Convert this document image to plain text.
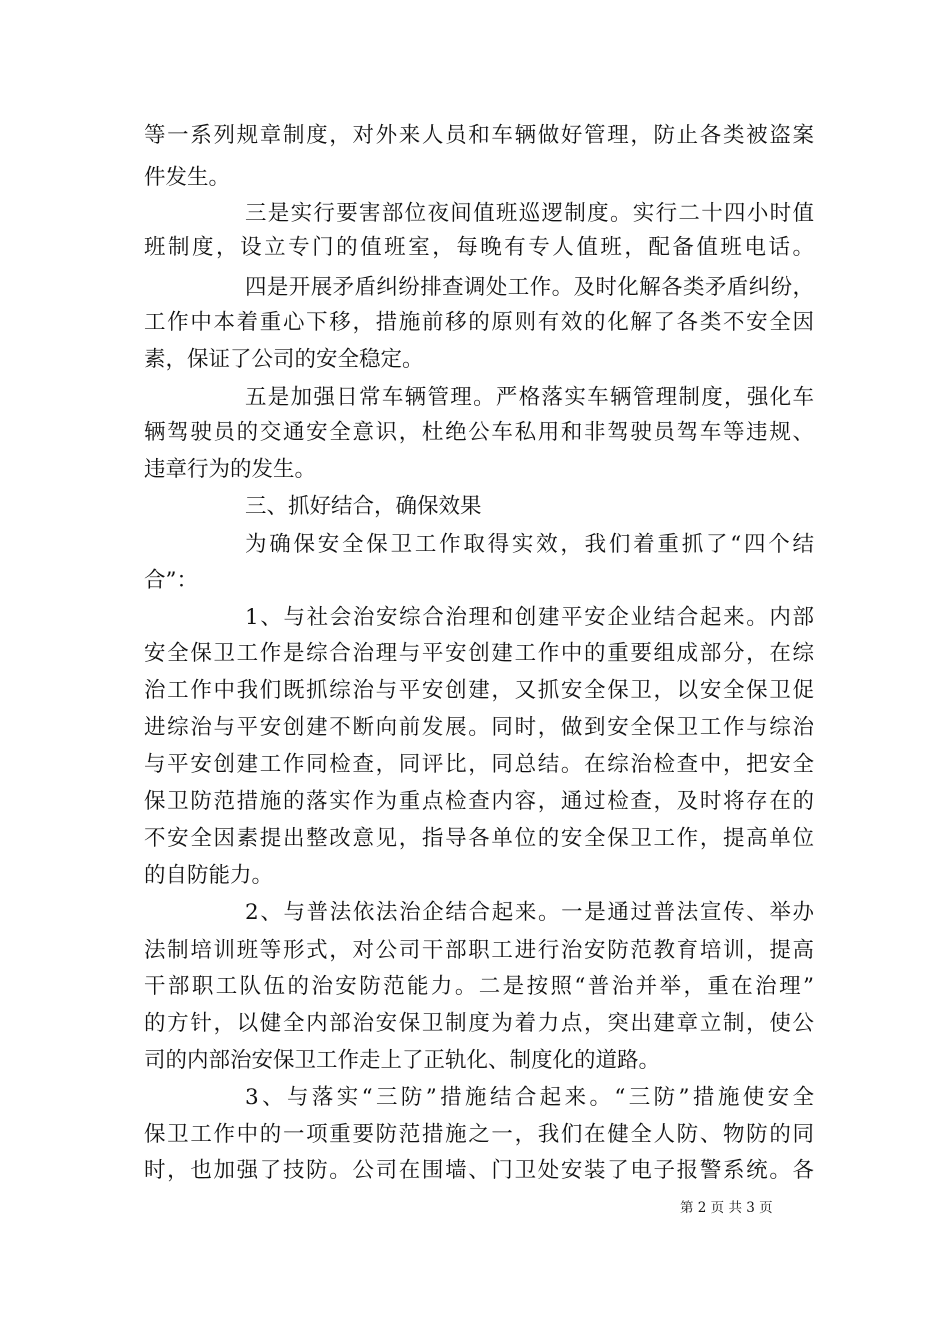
等一系列规章制度，对外来人员和车辆做好管理，防止各类被盗案
件发生。
三是实行要害部位夜间值班巡逻制度。实行二十四小时值
班制度，设立专门的值班室，每晚有专人值班，配备值班电话。
四是开展矛盾纠纷排查调处工作。及时化解各类矛盾纠纷，
工作中本着重心下移，措施前移的原则有效的化解了各类不安全因
素，保证了公司的安全稳定。
五是加强日常车辆管理。严格落实车辆管理制度，强化车
辆驾驶员的交通安全意识，杜绝公车私用和非驾驶员驾车等违规、
违章行为的发生。
三、抓好结合，确保效果
为确保安全保卫工作取得实效，我们着重抓了“四个结
合”：
1、与社会治安综合治理和创建平安企业结合起来。内部
安全保卫工作是综合治理与平安创建工作中的重要组成部分，在综
治工作中我们既抓综治与平安创建，又抓安全保卫，以安全保卫促
进综治与平安创建不断向前发展。同时，做到安全保卫工作与综治
与平安创建工作同检查，同评比，同总结。在综治检查中，把安全
保卫防范措施的落实作为重点检查内容，通过检查，及时将存在的
不安全因素提出整改意见，指导各单位的安全保卫工作，提高单位
的自防能力。
2、与普法依法治企结合起来。一是通过普法宣传、举办
法制培训班等形式，对公司干部职工进行治安防范教育培训，提高
干部职工队伍的治安防范能力。二是按照“普治并举，重在治理”
的方针，以健全内部治安保卫制度为着力点，突出建章立制，使公
司的内部治安保卫工作走上了正轨化、制度化的道路。
3、与落实“三防”措施结合起来。“三防”措施使安全
保卫工作中的一项重要防范措施之一，我们在健全人防、物防的同
时，也加强了技防。公司在围墙、门卫处安装了电子报警系统。各
第 2 页 共 3 页
